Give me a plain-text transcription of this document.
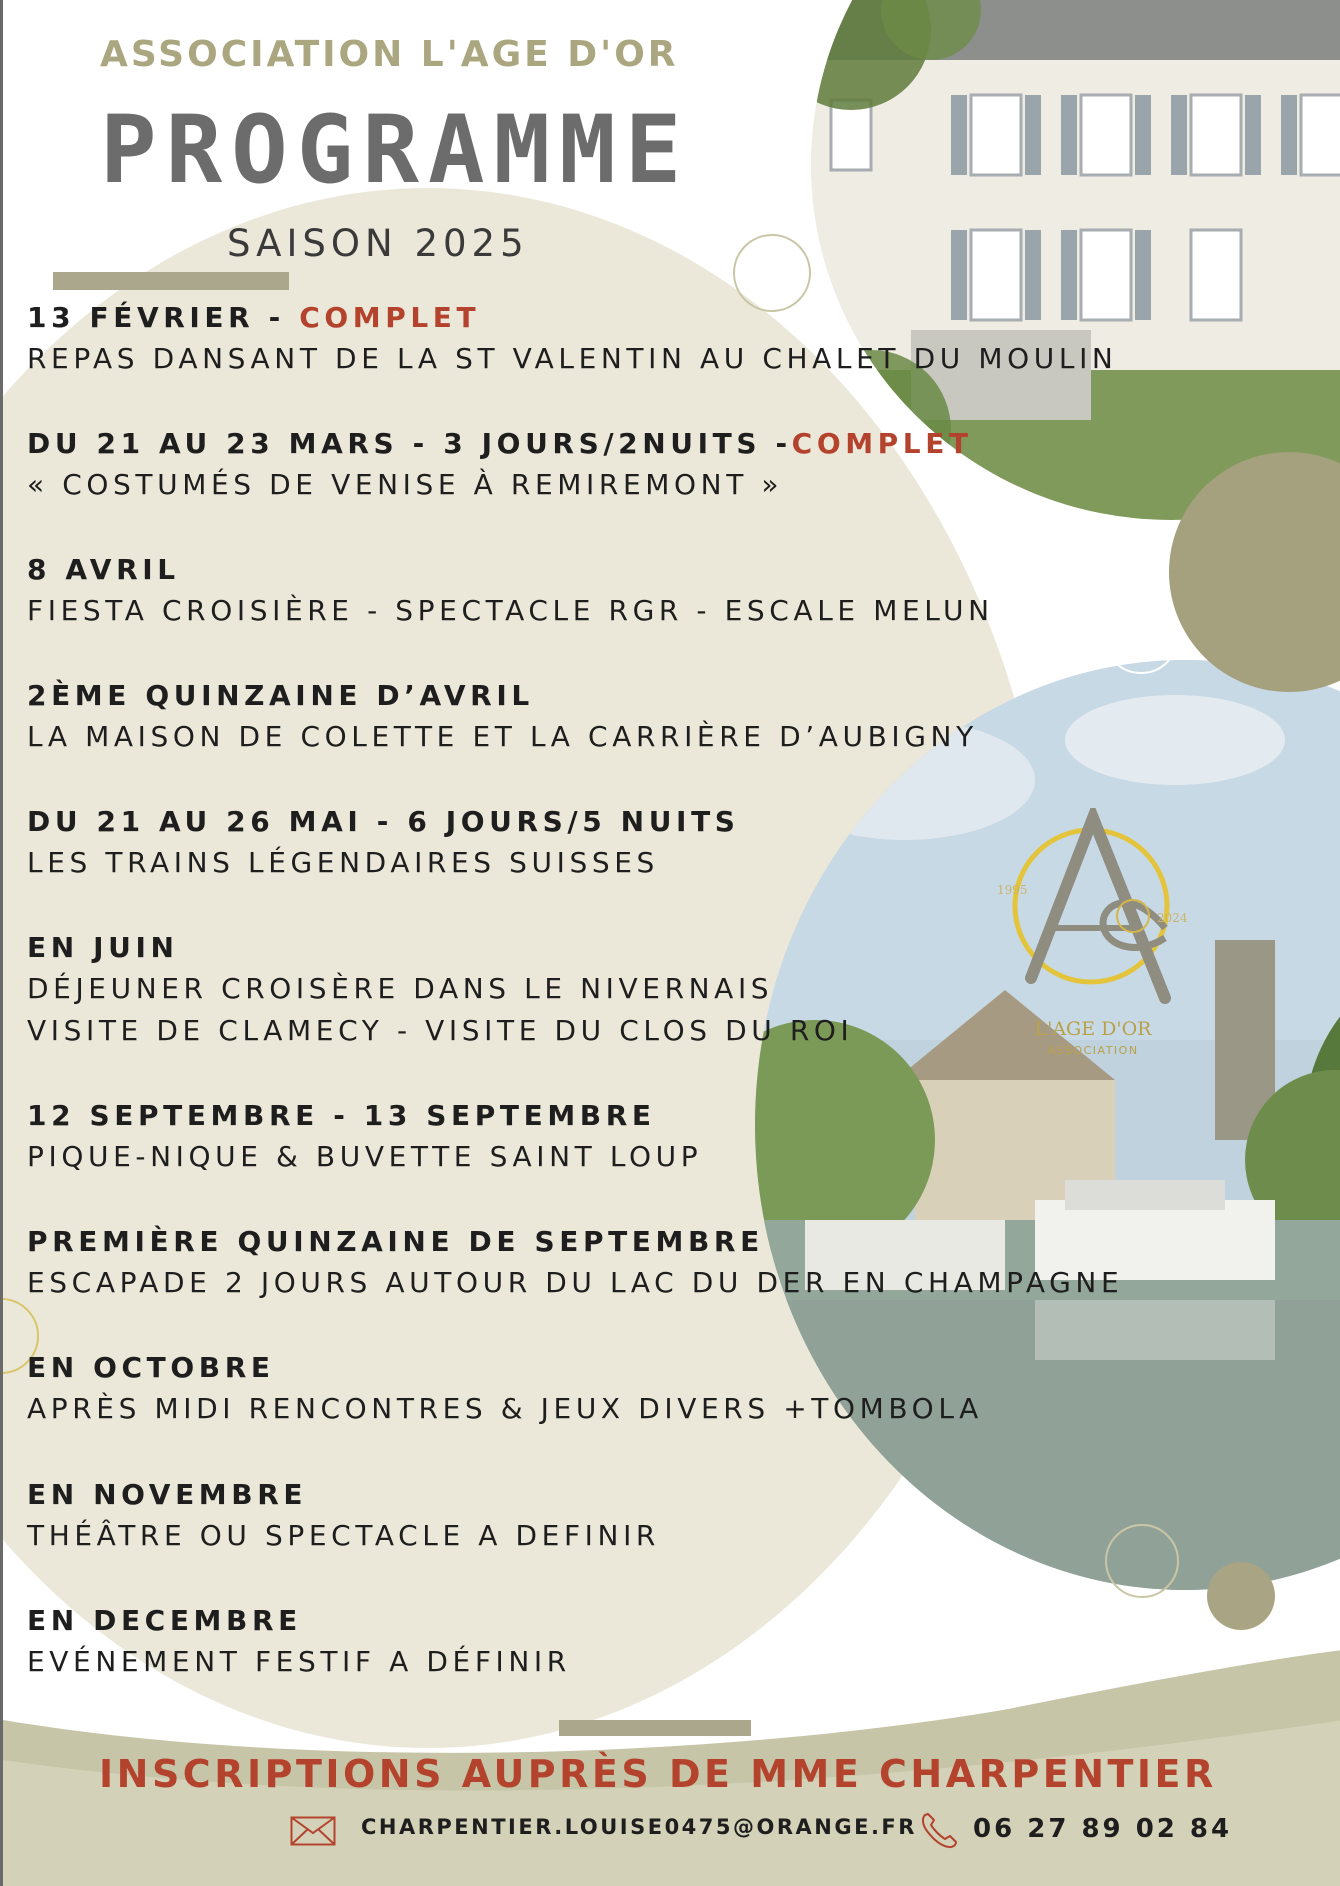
1995
2024
L'AGE D'OR
ASSOCIATION
ASSOCIATION L'AGE D'OR
PROGRAMME
SAISON 2025
13 FÉVRIER - COMPLET
REPAS DANSANT DE LA ST VALENTIN AU CHALET DU MOULIN
DU 21 AU 23 MARS - 3 JOURS/2NUITS -COMPLET
« COSTUMÉS DE VENISE À REMIREMONT »
8 AVRIL
FIESTA CROISIÈRE - SPECTACLE RGR - ESCALE MELUN
2ÈME QUINZAINE D’AVRIL
LA MAISON DE COLETTE ET LA CARRIÈRE D’AUBIGNY
DU 21 AU 26 MAI - 6 JOURS/5 NUITS
LES TRAINS LÉGENDAIRES SUISSES
EN JUIN
DÉJEUNER CROISÈRE DANS LE NIVERNAIS
VISITE DE CLAMECY - VISITE DU CLOS DU ROI
12 SEPTEMBRE - 13 SEPTEMBRE
PIQUE-NIQUE & BUVETTE SAINT LOUP
PREMIÈRE QUINZAINE DE SEPTEMBRE
ESCAPADE 2 JOURS AUTOUR DU LAC DU DER EN CHAMPAGNE
EN OCTOBRE
APRÈS MIDI RENCONTRES & JEUX DIVERS +TOMBOLA
EN NOVEMBRE
THÉÂTRE OU SPECTACLE A DEFINIR
EN DECEMBRE
EVÉNEMENT FESTIF A DÉFINIR
INSCRIPTIONS AUPRÈS DE MME CHARPENTIER
CHARPENTIER.LOUISE0475@ORANGE.FR 06 27 89 02 84
